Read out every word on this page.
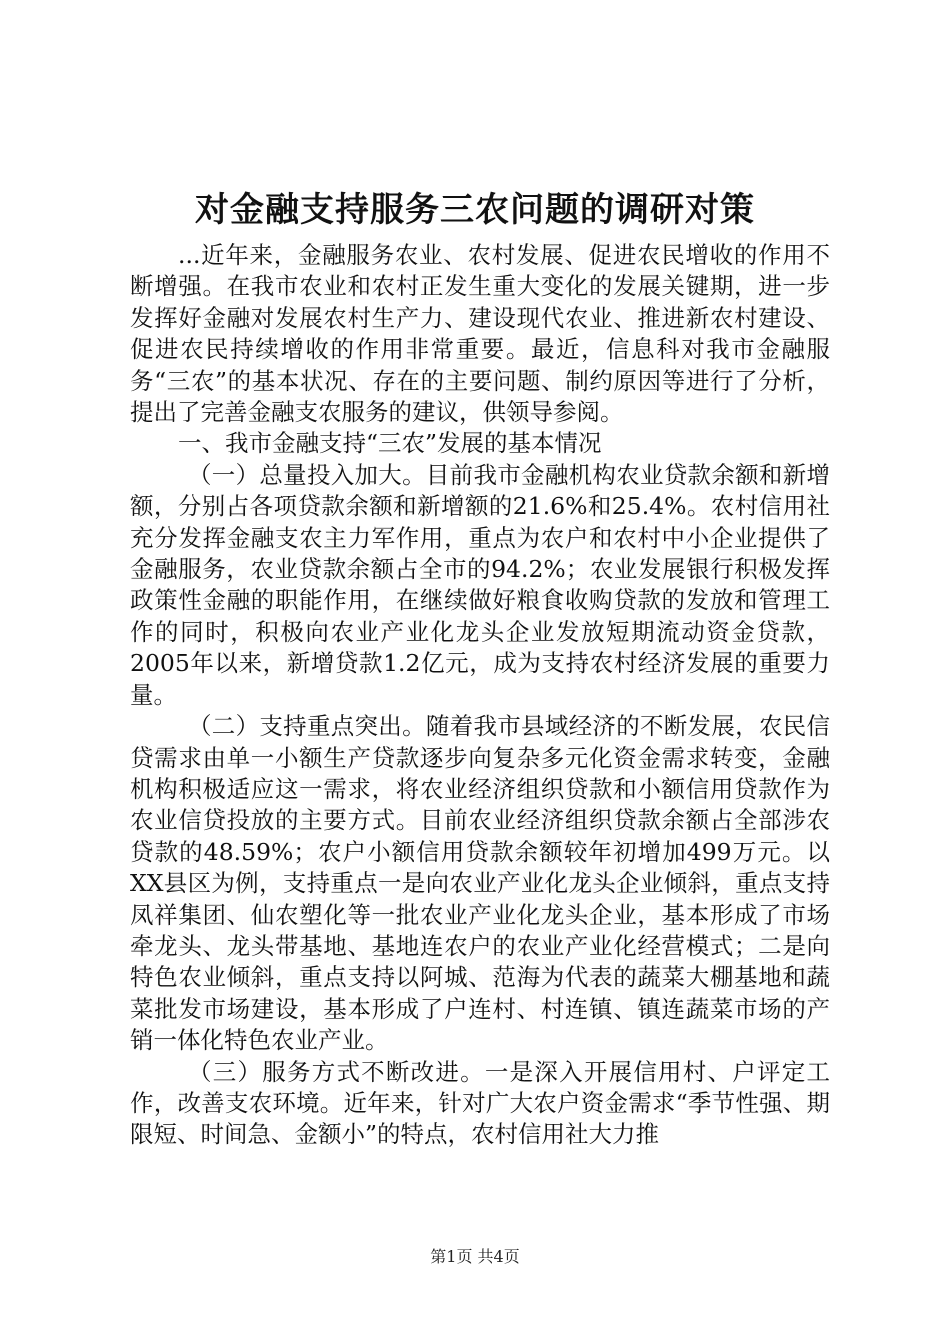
对金融支持服务三农问题的调研对策

...近年来，金融服务农业、农村发展、促进农民增收的作用不断增强。在我市农业和农村正发生重大变化的发展关键期，进一步发挥好金融对发展农村生产力、建设现代农业、推进新农村建设、促进农民持续增收的作用非常重要。最近，信息科对我市金融服务“三农”的基本状况、存在的主要问题、制约原因等进行了分析，提出了完善金融支农服务的建议，供领导参阅。

一、我市金融支持“三农”发展的基本情况

（一）总量投入加大。目前我市金融机构农业贷款余额和新增额，分别占各项贷款余额和新增额的21.6%和25.4%。农村信用社充分发挥金融支农主力军作用，重点为农户和农村中小企业提供了金融服务，农业贷款余额占全市的94.2%；农业发展银行积极发挥政策性金融的职能作用，在继续做好粮食收购贷款的发放和管理工作的同时，积极向农业产业化龙头企业发放短期流动资金贷款，2005年以来，新增贷款1.2亿元，成为支持农村经济发展的重要力量。

（二）支持重点突出。随着我市县域经济的不断发展，农民信贷需求由单一小额生产贷款逐步向复杂多元化资金需求转变，金融机构积极适应这一需求，将农业经济组织贷款和小额信用贷款作为农业信贷投放的主要方式。目前农业经济组织贷款余额占全部涉农贷款的48.59%；农户小额信用贷款余额较年初增加499万元。以XX县区为例，支持重点一是向农业产业化龙头企业倾斜，重点支持凤祥集团、仙农塑化等一批农业产业化龙头企业，基本形成了市场牵龙头、龙头带基地、基地连农户的农业产业化经营模式；二是向特色农业倾斜，重点支持以阿城、范海为代表的蔬菜大棚基地和蔬菜批发市场建设，基本形成了户连村、村连镇、镇连蔬菜市场的产销一体化特色农业产业。

（三）服务方式不断改进。一是深入开展信用村、户评定工作，改善支农环境。近年来，针对广大农户资金需求“季节性强、期限短、时间急、金额小”的特点，农村信用社大力推

第1页 共4页
